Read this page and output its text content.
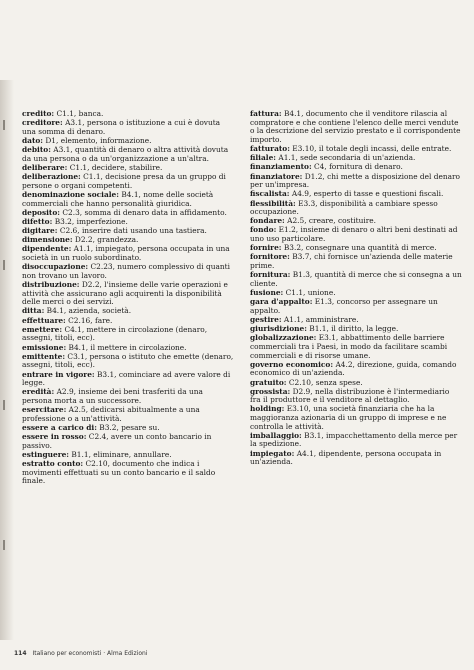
credito: C1.1, banca.

creditore: A3.1, persona o istituzione a cui è dovuta una somma di denaro.

dato: D1, elemento, informazione.

debito: A3.1, quantità di denaro o altra attività dovuta da una persona o da un'organizzazione a un'altra.

deliberare: C1.1, decidere, stabilire.

deliberazione: C1.1, decisione presa da un gruppo di persone o organi competenti.

denominazione sociale: B4.1, nome delle società commerciali che hanno personalità giuridica.

deposito: C2.3, somma di denaro data in affidamento.

difetto: B3.2, imperfezione.

digitare: C2.6, inserire dati usando una tastiera.

dimensione: D2.2, grandezza.

dipendente: A1.1, impiegato, persona occupata in una società in un ruolo subordinato.

disoccupazione: C2.23, numero complessivo di quanti non trovano un lavoro.

distribuzione: D2.2, l'insieme delle varie operazioni e attività che assicurano agli acquirenti la disponibilità delle merci o dei servizi.

ditta: B4.1, azienda, società.

effettuare: C2.16, fare.

emettere: C4.1, mettere in circolazione (denaro, assegni, titoli, ecc).

emissione: B4.1, il mettere in circolazione.

emittente: C3.1, persona o istituto che emette (denaro, assegni, titoli, ecc).

entrare in vigore: B3.1, cominciare ad avere valore di legge.

eredità: A2.9, insieme dei beni trasferiti da una persona morta a un successore.

esercitare: A2.5, dedicarsi abitualmente a una professione o a un'attività.

essere a carico di: B3.2, pesare su.

essere in rosso: C2.4, avere un conto bancario in passivo.

estinguere: B1.1, eliminare, annullare.

estratto conto: C2.10, documento che indica i movimenti effettuati su un conto bancario e il saldo finale.

fattura: B4.1, documento che il venditore rilascia al compratore e che contiene l'elenco delle merci vendute o la descrizione del servizio prestato e il corrispondente importo.

fatturato: E3.10, il totale degli incassi, delle entrate.

filiale: A1.1, sede secondaria di un'azienda.

finanziamento: C4, fornitura di denaro.

finanziatore: D1.2, chi mette a disposizione del denaro per un'impresa.

fiscalista: A4.9, esperto di tasse e questioni fiscali.

flessibilità: E3.3, disponibilità a cambiare spesso occupazione.

fondare: A2.5, creare, costituire.

fondo: E1.2, insieme di denaro o altri beni destinati ad uno uso particolare.

fornire: B3.2, consegnare una quantità di merce.

fornitore: B3.7, chi fornisce un'azienda delle materie prime.

fornitura: B1.3, quantità di merce che si consegna a un cliente.

fusione: C1.1, unione.

gara d'appalto: E1.3, concorso per assegnare un appalto.

gestire: A1.1, amministrare.

giurisdizione: B1.1, il diritto, la legge.

globalizzazione: E3.1, abbattimento delle barriere commerciali tra i Paesi, in modo da facilitare scambi commerciali e di risorse umane.

governo economico: A4.2, direzione, guida, comando economico di un'azienda.

gratuito: C2.10, senza spese.

grossista: D2.9, nella distribuzione è l'intermediario fra il produttore e il venditore al dettaglio.

holding: E3.10, una società finanziaria che ha la maggioranza azionaria di un gruppo di imprese e ne controlla le attività.

imballaggio: B3.1, impacchettamento della merce per la spedizione.

impiegato: A4.1, dipendente, persona occupata in un'azienda.

114 Italiano per economisti · Alma Edizioni
